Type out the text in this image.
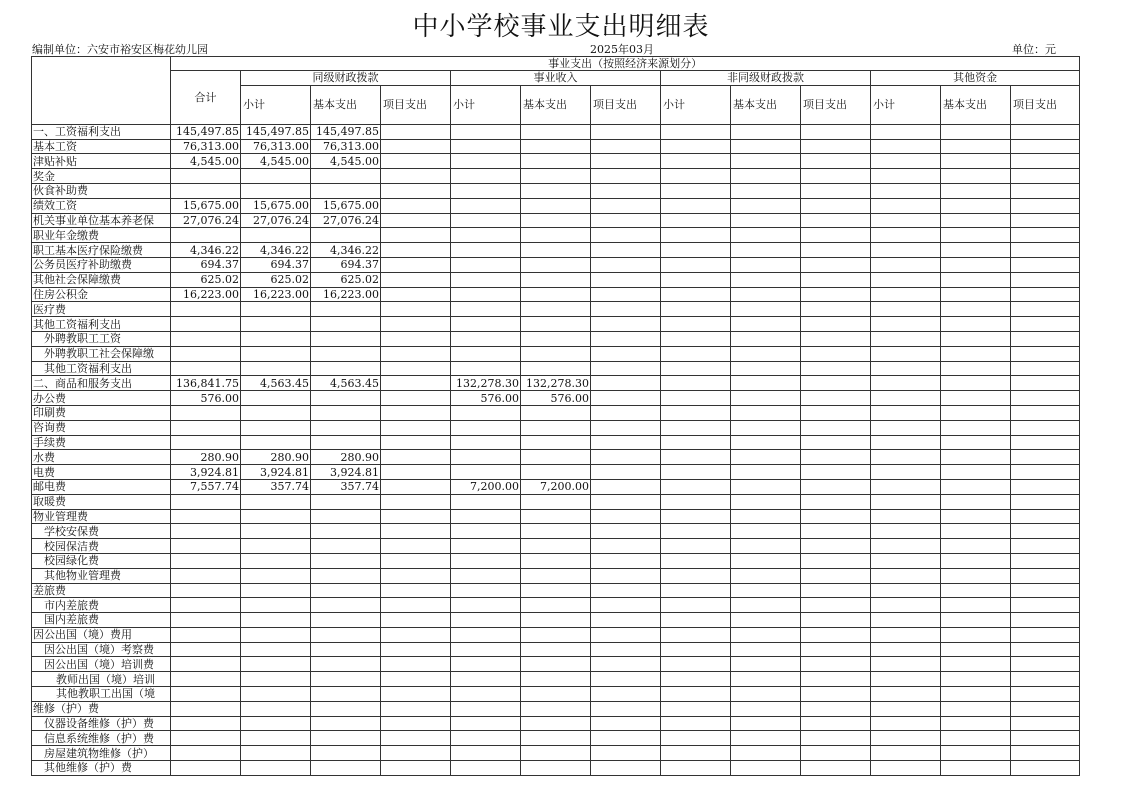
中小学校事业支出明细表
编制单位：六安市裕安区梅花幼儿园	2025年03月	单位：元
	事业支出（按照经济来源划分）												
	合计	同级财政拨款			事业收入			非同级财政拨款			其他资金		
		小计	基本支出	项目支出	小计	基本支出	项目支出	小计	基本支出	项目支出	小计	基本支出	项目支出
一、工资福利支出	145,497.85	145,497.85	145,497.85										
基本工资	76,313.00	76,313.00	76,313.00										
津贴补贴	4,545.00	4,545.00	4,545.00										
奖金													
伙食补助费													
绩效工资	15,675.00	15,675.00	15,675.00										
机关事业单位基本养老保	27,076.24	27,076.24	27,076.24										
职业年金缴费													
职工基本医疗保险缴费	4,346.22	4,346.22	4,346.22										
公务员医疗补助缴费	694.37	694.37	694.37										
其他社会保障缴费	625.02	625.02	625.02										
住房公积金	16,223.00	16,223.00	16,223.00										
医疗费													
其他工资福利支出													
外聘教职工工资													
外聘教职工社会保障缴													
其他工资福利支出													
二、商品和服务支出	136,841.75	4,563.45	4,563.45		132,278.30	132,278.30							
办公费	576.00				576.00	576.00							
印刷费													
咨询费													
手续费													
水费	280.90	280.90	280.90										
电费	3,924.81	3,924.81	3,924.81										
邮电费	7,557.74	357.74	357.74		7,200.00	7,200.00							
取暖费													
物业管理费													
学校安保费													
校园保洁费													
校园绿化费													
其他物业管理费													
差旅费													
市内差旅费													
国内差旅费													
因公出国（境）费用													
因公出国（境）考察费													
因公出国（境）培训费													
教师出国（境）培训													
其他教职工出国（境													
维修（护）费													
仪器设备维修（护）费													
信息系统维修（护）费													
房屋建筑物维修（护）													
其他维修（护）费													
